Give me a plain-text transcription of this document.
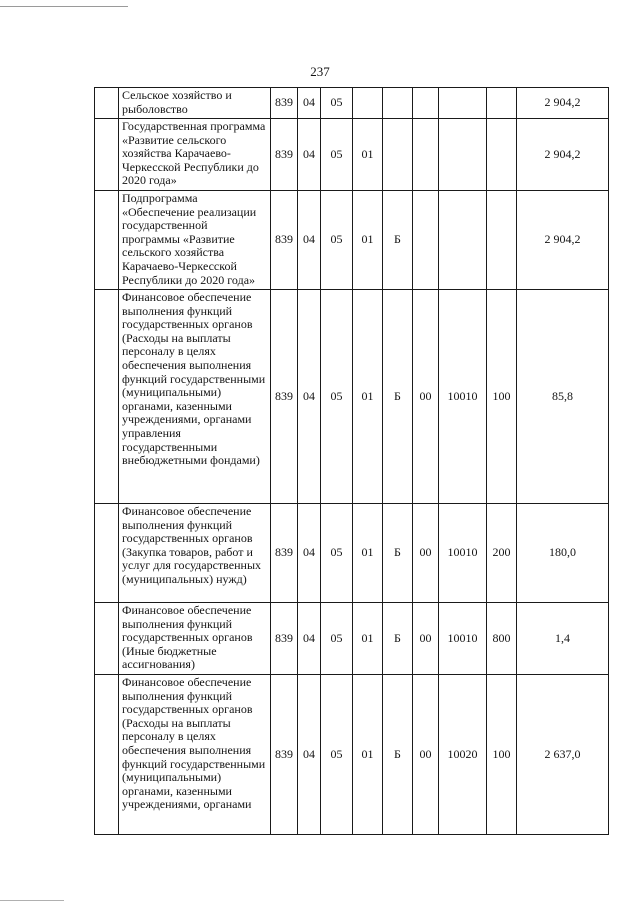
237
	Сельское хозяйство и рыболовство	839	04	05						2 904,2
	Государственная программа «Развитие сельского хозяйства Карачаево-Черкесской Республики до 2020 года»	839	04	05	01					2 904,2
	Подпрограмма «Обеспечение реализации государственной программы «Развитие сельского хозяйства Карачаево-Черкесской Республики до 2020 года»	839	04	05	01	Б				2 904,2
	Финансовое обеспечение выполнения функций государственных органов (Расходы на выплаты персоналу в целях обеспечения выполнения функций государственными (муниципальными) органами, казенными учреждениями, органами управления государственными внебюджетными фондами)	839	04	05	01	Б	00	10010	100	85,8
	Финансовое обеспечение выполнения функций государственных органов (Закупка товаров, работ и услуг для государственных (муниципальных) нужд)	839	04	05	01	Б	00	10010	200	180,0
	Финансовое обеспечение выполнения функций государственных органов (Иные бюджетные ассигнования)	839	04	05	01	Б	00	10010	800	1,4
	Финансовое обеспечение выполнения функций государственных органов (Расходы на выплаты персоналу в целях обеспечения выполнения функций государственными (муниципальными) органами, казенными учреждениями, органами	839	04	05	01	Б	00	10020	100	2 637,0
